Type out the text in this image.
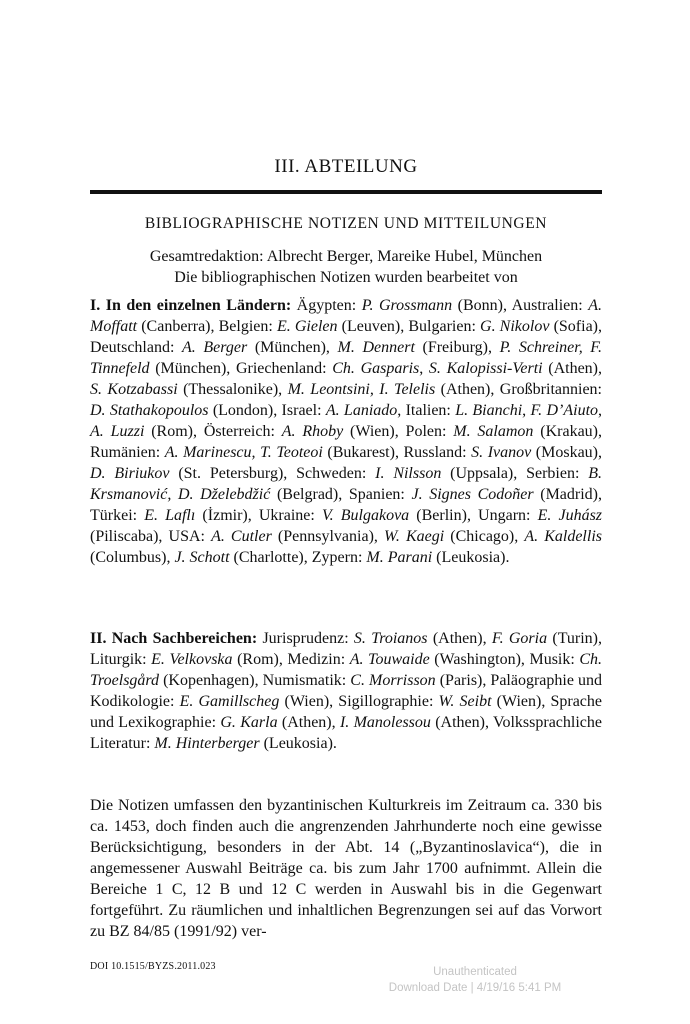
III. ABTEILUNG
BIBLIOGRAPHISCHE NOTIZEN UND MITTEILUNGEN
Gesamtredaktion: Albrecht Berger, Mareike Hubel, München
Die bibliographischen Notizen wurden bearbeitet von
I. In den einzelnen Ländern: Ägypten: P. Grossmann (Bonn), Australien: A. Moffatt (Canberra), Belgien: E. Gielen (Leuven), Bulgarien: G. Nikolov (Sofia), Deutschland: A. Berger (München), M. Dennert (Freiburg), P. Schreiner, F. Tinnefeld (München), Griechenland: Ch. Gasparis, S. Kalopissi-Verti (Athen), S. Kotzabassi (Thessalonike), M. Leontsini, I. Telelis (Athen), Großbritannien: D. Stathakopoulos (London), Israel: A. Laniado, Italien: L. Bianchi, F. D’Aiuto, A. Luzzi (Rom), Österreich: A. Rhoby (Wien), Polen: M. Salamon (Krakau), Rumänien: A. Marinescu, T. Teoteoi (Bukarest), Russland: S. Ivanov (Moskau), D. Biriukov (St. Petersburg), Schweden: I. Nilsson (Uppsala), Serbien: B. Krsmanović, D. Dželebdžić (Belgrad), Spanien: J. Signes Codoñer (Madrid), Türkei: E. Laflı (İzmir), Ukraine: V. Bulgakova (Berlin), Ungarn: E. Juhász (Piliscaba), USA: A. Cutler (Pennsylvania), W. Kaegi (Chicago), A. Kaldellis (Columbus), J. Schott (Charlotte), Zypern: M. Parani (Leukosia).
II. Nach Sachbereichen: Jurisprudenz: S. Troianos (Athen), F. Goria (Turin), Liturgik: E. Velkovska (Rom), Medizin: A. Touwaide (Washington), Musik: Ch. Troelsgård (Kopenhagen), Numismatik: C. Morrisson (Paris), Paläographie und Kodikologie: E. Gamillscheg (Wien), Sigillographie: W. Seibt (Wien), Sprache und Lexikographie: G. Karla (Athen), I. Manolessou (Athen), Volkssprachliche Literatur: M. Hinterberger (Leukosia).
Die Notizen umfassen den byzantinischen Kulturkreis im Zeitraum ca. 330 bis ca. 1453, doch finden auch die angrenzenden Jahrhunderte noch eine gewisse Berücksichtigung, besonders in der Abt. 14 („Byzantinoslavica“), die in angemessener Auswahl Beiträge ca. bis zum Jahr 1700 aufnimmt. Allein die Bereiche 1 C, 12 B und 12 C werden in Auswahl bis in die Gegenwart fortgeführt. Zu räumlichen und inhaltlichen Begrenzungen sei auf das Vorwort zu BZ 84/85 (1991/92) ver-
DOI 10.1515/BYZS.2011.023	Unauthenticated
Download Date | 4/19/16 5:41 PM
